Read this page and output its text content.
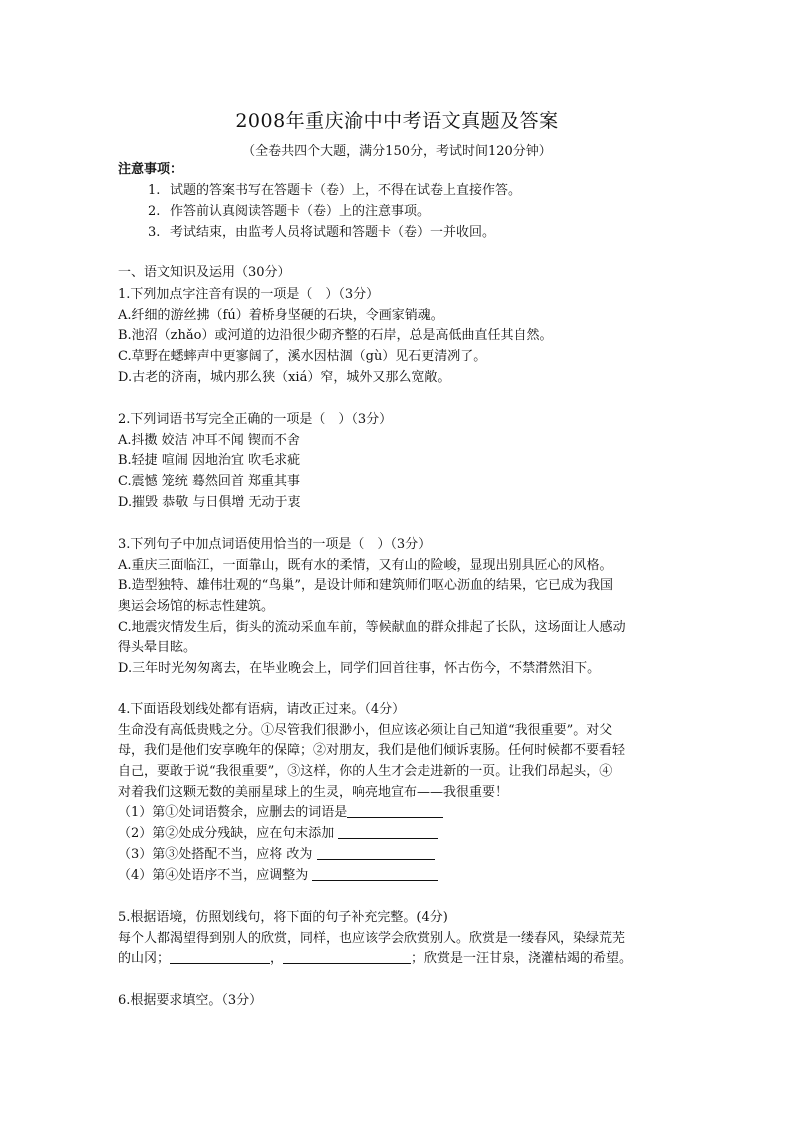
2008年重庆渝中中考语文真题及答案
（全卷共四个大题，满分150分，考试时间120分钟）
注意事项：
1. 试题的答案书写在答题卡（卷）上，不得在试卷上直接作答。
2. 作答前认真阅读答题卡（卷）上的注意事项。
3. 考试结束，由监考人员将试题和答题卡（卷）一并收回。
一、语文知识及运用（30分）
1.下列加点字注音有误的一项是（　）（3分）
A.纤细的游丝拂（fú）着桥身坚硬的石块，令画家销魂。
B.池沼（zhǎo）或河道的边沿很少砌齐整的石岸，总是高低曲直任其自然。
C.草野在蟋蟀声中更寥阔了，溪水因枯涸（gù）见石更清冽了。
D.古老的济南，城内那么狭（xiá）窄，城外又那么宽敞。
2.下列词语书写完全正确的一项是（　）（3分）
A.抖擞 姣洁 冲耳不闻 锲而不舍
B.轻捷 喧闹 因地治宜 吹毛求疵
C.震憾 笼统 蓦然回首 郑重其事
D.摧毁 恭敬 与日俱增 无动于衷
3.下列句子中加点词语使用恰当的一项是（　）（3分）
A.重庆三面临江，一面靠山，既有水的柔情，又有山的险峻，显现出别具匠心的风格。
B.造型独特、雄伟壮观的“鸟巢”，是设计师和建筑师们呕心沥血的结果，它已成为我国
奥运会场馆的标志性建筑。
C.地震灾情发生后，街头的流动采血车前，等候献血的群众排起了长队，这场面让人感动
得头晕目眩。
D.三年时光匆匆离去，在毕业晚会上，同学们回首往事，怀古伤今，不禁潸然泪下。
4.下面语段划线处都有语病，请改正过来。（4分）
生命没有高低贵贱之分。①尽管我们很渺小，但应该必须让自己知道“我很重要”。对父
母，我们是他们安享晚年的保障；②对朋友，我们是他们倾诉衷肠。任何时候都不要看轻
自己，要敢于说“我很重要”，③这样，你的人生才会走进新的一页。让我们昂起头，④
对着我们这颗无数的美丽星球上的生灵，响亮地宣布——我很重要！
（1）第①处词语赘余，应删去的词语是
（2）第②处成分残缺，应在句末添加
（3）第③处搭配不当，应将 改为
（4）第④处语序不当，应调整为
5.根据语境，仿照划线句，将下面的句子补充完整。(4分)
每个人都渴望得到别人的欣赏，同样，也应该学会欣赏别人。欣赏是一缕春风，染绿荒芜
的山冈；	，	；欣赏是一汪甘泉，浇灌枯竭的希望。
6.根据要求填空。（3分）
